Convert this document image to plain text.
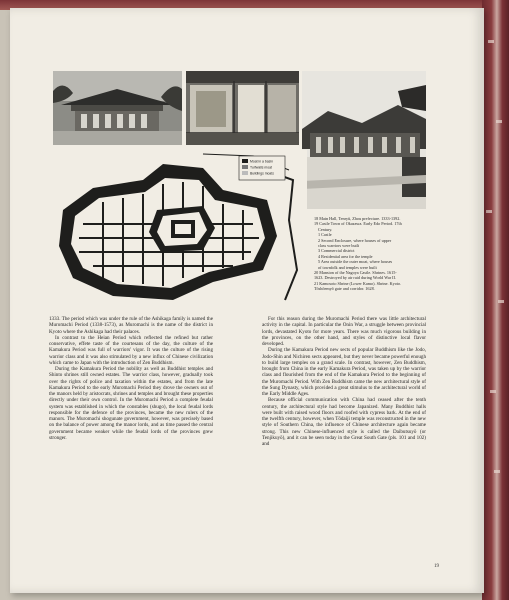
Moat in a basin
Turfwalls moat
Buildings moats
18 Main Hall, Tenryū, Zhou prefecture. 1333-1392.
19 Castle Town of Okazawa. Early Edo Period. 17th
Century.
1 Castle
2 Second Enclosure, where houses of upper
class warriors were built
3 Commercial district
4 Residential area for the temple
5 Area outside the outer moat, where houses
of townfolk and temples were built
20 Mansion of the Nagoya Castle. Shrines. 1615-
1623. Destroyed by air raid during World War II.
21 Kamosoto Shrine (Lower Kamo). Shrine. Kyoto.
Tōshōemyō gate and corridor. 1628.

1333. The period which was under the rule of the Ashikaga family is named the Muromachi Period (1338-1573), as Muromachi is the name of the district in Kyoto where the Ashikaga had their palaces.

In contrast to the Heian Period which reflected the refined but rather conservative, effete taste of the courtesans of the day, the culture of the Kamakura Period was full of warriors' vigor. It was the culture of the rising warrior class and it was also stimulated by a new influx of Chinese civilization which came to Japan with the introduction of Zen Buddhism.

During the Kamakura Period the nobility as well as Buddhist temples and Shinto shrines still owned estates. The warrior class, however, gradually took over the rights of police and taxation within the estates, and from the late Kamakura Period to the early Muromachi Period they drove the owners out of the manors held by aristocrats, shrines and temples and brought these properties directly under their own control. In the Muromachi Period a complete feudal system was established in which the constables (shugo), the local feudal lords responsible for the defence of the provinces, became the new rulers of the manors. The Muromachi shogunate government, however, was precisely based on the balance of power among the manor lords, and as time passed the central government became weaker while the feudal lords of the provinces grew stronger.

For this reason during the Muromachi Period there was little architectural activity in the capital. In particular the Onin War, a struggle between provincial lords, devastated Kyoto for more years. There was much vigorous building in the provinces, on the other hand, and styles of distinctive local flavor developed.

During the Kamakura Period new sects of popular Buddhism like the Jodo, Jodo-Shin and Nichiren sects appeared, but they never became powerful enough to build large temples on a grand scale. In contrast, however, Zen Buddhism, brought from China in the early Kamakura Period, was taken up by the warrior class and flourished from the end of the Kamakura Period to the beginning of the Muromachi Period. With Zen Buddhism came the new architectural style of the Sung Dynasty, which provided a great stimulus to the architectural world of the Early Middle Ages.

Because official communication with China had ceased after the tenth century, the architectural style had become Japanized. Many Buddhist halls were built with raised wood floors and roofed with cypress bark. At the end of the twelfth century, however, when Tōdaiji temple was reconstructed in the new style of Southern China, the influence of Chinese architecture again became strong. This new Chinese-influenced style is called the Daibutsuyō (or Tenjikuyō), and it can be seen today in the Great South Gate (pls. 101 and 102) and

19
